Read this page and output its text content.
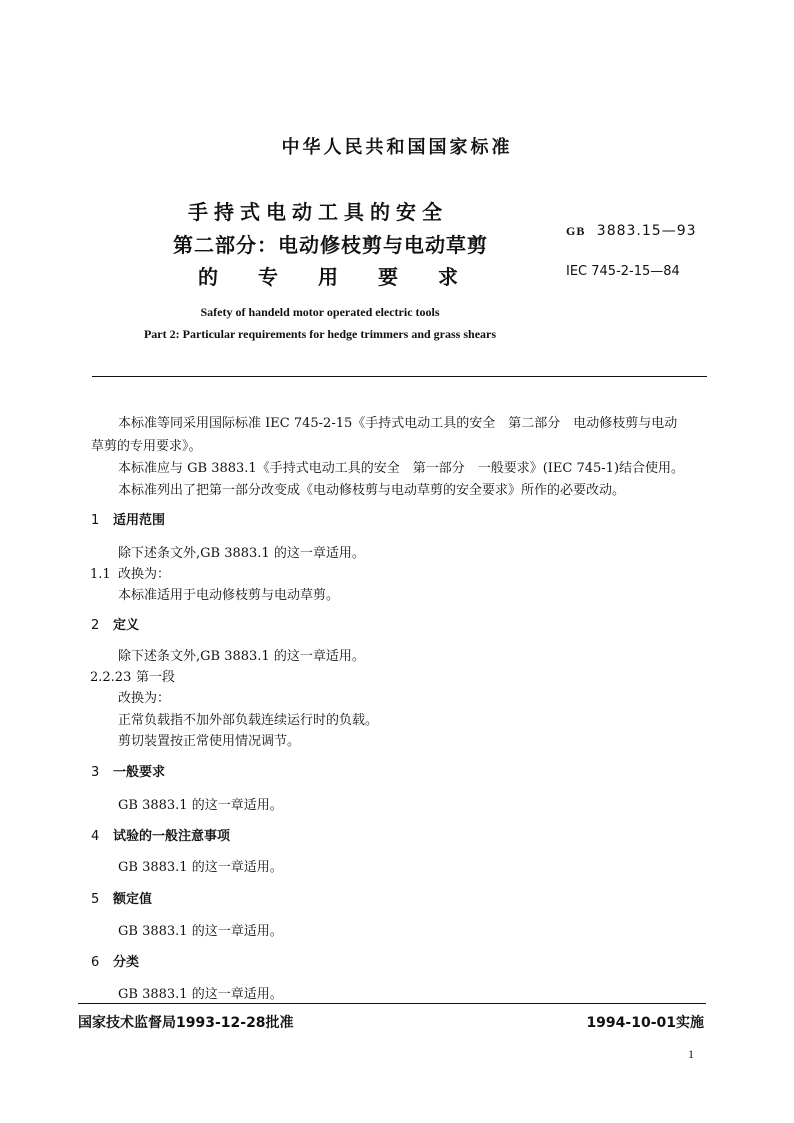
中华人民共和国国家标准
手持式电动工具的安全
第二部分：电动修枝剪与电动草剪
的 专 用 要 求
GB 3883.15—93
IEC 745-2-15—84
Safety of handeld motor operated electric tools
Part 2: Particular requirements for hedge trimmers and grass shears
本标准等同采用国际标准 IEC 745-2-15《手持式电动工具的安全　第二部分　电动修枝剪与电动
草剪的专用要求》。
本标准应与 GB 3883.1《手持式电动工具的安全　第一部分　一般要求》(IEC 745-1)结合使用。
本标准列出了把第一部分改变成《电动修枝剪与电动草剪的安全要求》所作的必要改动。
1 适用范围
除下述条文外,GB 3883.1 的这一章适用。
1.1 改换为：
本标准适用于电动修枝剪与电动草剪。
2 定义
除下述条文外,GB 3883.1 的这一章适用。
2.2.23 第一段
改换为：
正常负载指不加外部负载连续运行时的负载。
剪切装置按正常使用情况调节。
3 一般要求
GB 3883.1 的这一章适用。
4 试验的一般注意事项
GB 3883.1 的这一章适用。
5 额定值
GB 3883.1 的这一章适用。
6 分类
GB 3883.1 的这一章适用。
国家技术监督局1993-12-28批准	1994-10-01实施
1
